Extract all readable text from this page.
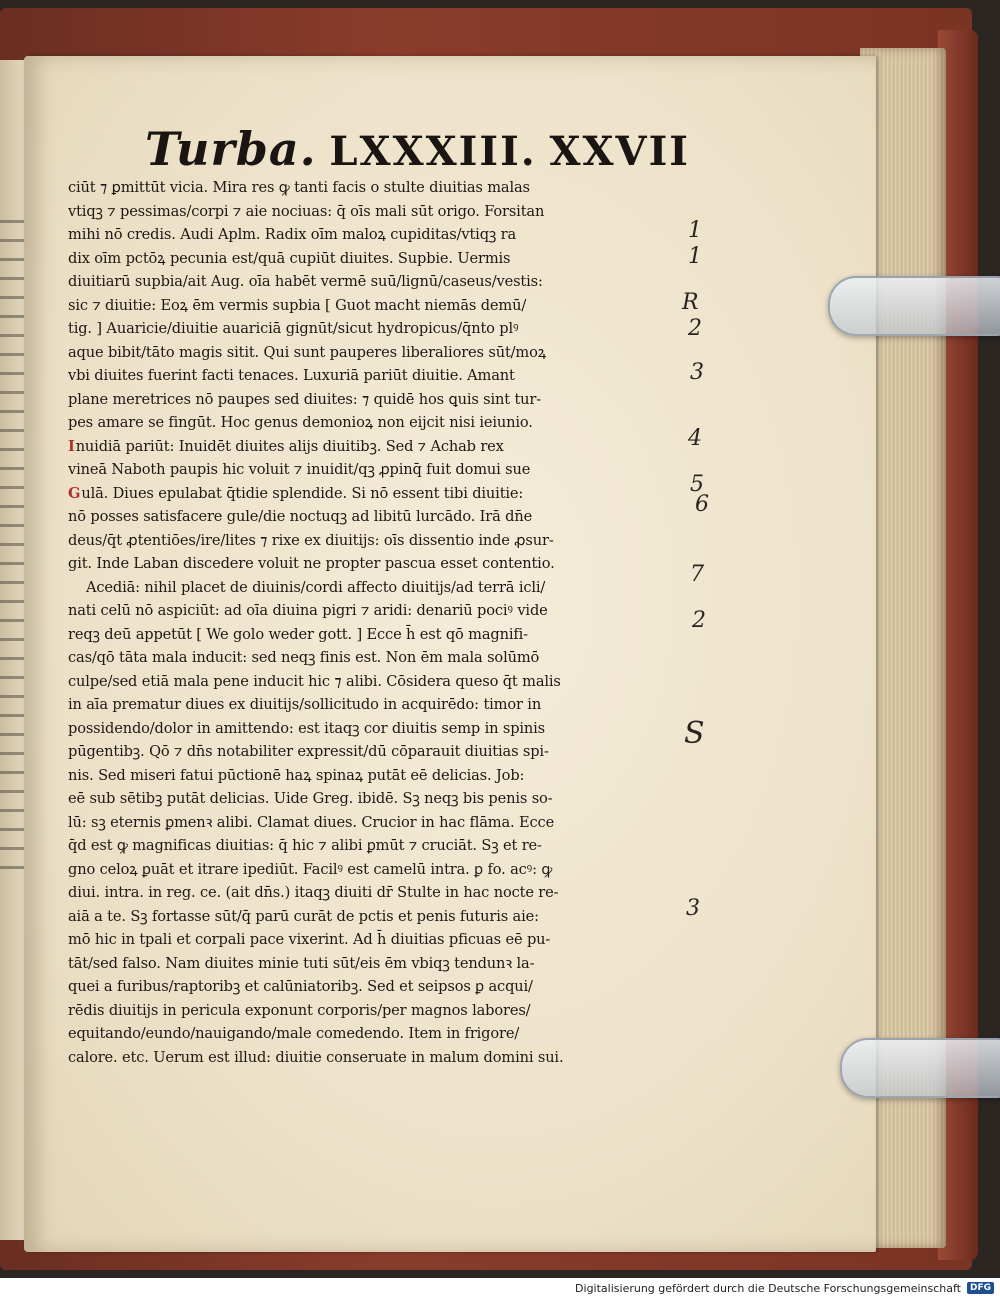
Turba. LXXXIII. XXVII
ciūt ⁊ ꝑmittūt vicia. Mira res ꝙ tanti facis o stulte diuitias malas
vtiqꝫ ⁊ pessimas/corpi ⁊ aie nociuas: q̄ oīs mali sūt origo. Forsitan
mihi nō credis. Audi Aplm. Radix oīm maloꝝ cupiditas/vtiqꝫ ra
dix oīm pctōꝝ pecunia est/quā cupiūt diuites. Supbie. Uermis
diuitiarū supbia/ait Aug. oīa habēt vermē suū/lignū/caseus/vestis:
sic ⁊ diuitie: Eoꝝ ēm vermis supbia [ Guot macht niemās demū/
tig. ] Auaricie/diuitie auariciā gignūt/sicut hydropicus/q̄nto plꝰ
aque bibit/tāto magis sitit. Qui sunt pauperes liberaliores sūt/moꝝ
vbi diuites fuerint facti tenaces. Luxuriā pariūt diuitie. Amant
plane meretrices nō paupes sed diuites: ⁊ quidē hos ꝗuis sint tur-
pes amare se fingūt. Hoc genus demonioꝝ non eijcit nisi ieiunio.
Inuidiā pariūt: Inuidēt diuites alijs diuitibꝫ. Sed ⁊ Achab rex
vineā Naboth paupis hic voluit ⁊ inuidit/qꝫ ꝓpinq̄ fuit domui sue
Gulā. Diues epulabat q̄tidie splendide. Si nō essent tibi diuitie:
nō posses satisfacere gule/die noctuqꝫ ad libitū lurcādo. Irā dn̄e
deus/q̄t ꝓtentiōes/ire/lites ⁊ rixe ex diuitijs: oīs dissentio inde ꝓsur-
git. Inde Laban discedere voluit ne propter pascua esset contentio.
Acediā: nihil placet de diuinis/cordi affecto diuitijs/ad terrā icli/
nati celū nō aspiciūt: ad oīa diuina pigri ⁊ aridi: denariū pociꝰ vide
reqꝫ deū appetūt [ We golo weder gott. ] Ecce h̄ est qō magnifi-
cas/qō tāta mala inducit: sed neqꝫ finis est. Non ēm mala solūmō
culpe/sed etiā mala pene inducit hic ⁊ alibi. Cōsidera queso q̄t malis
in aīa prematur diues ex diuitijs/sollicitudo in acquirēdo: timor in
possidendo/dolor in amittendo: est itaqꝫ cor diuitis semp in spinis
pūgentibꝫ. Qō ⁊ dn̄s notabiliter expressit/dū cōparauit diuitias spi-
nis. Sed miseri fatui pūctionē haꝝ spinaꝝ putāt eē delicias. Job:
eē sub sētibꝫ putāt delicias. Uide Greg. ibidē. Sꝫ neqꝫ bis penis so-
lū: sꝫ eternis ꝑmenꝛ alibi. Clamat diues. Crucior in hac flāma. Ecce
q̄d est ꝙ magnificas diuitias: q̄ hic ⁊ alibi ꝑmūt ⁊ cruciāt. Sꝫ et re-
gno celoꝝ ꝑuāt et itrare ipediūt. Facilꝰ est camelū intra. ꝑ fo. acꝰ: ꝙ
diui. intra. in reg. ce. (ait dn̄s.) itaqꝫ diuiti dr̄ Stulte in hac nocte re-
aiā a te. Sꝫ fortasse sūt/q̄ parū curāt de pctis et penis futuris aie:
mō hic in tpali et corpali pace vixerint. Ad h̄ diuitias pficuas eē pu-
tāt/sed falso. Nam diuites minie tuti sūt/eis ēm vbiqꝫ tendunꝛ la-
quei a furibus/raptoribꝫ et calūniatoribꝫ. Sed et seipsos ꝑ acqui/
rēdis diuitijs in pericula exponunt corporis/per magnos labores/
equitando/eundo/nauigando/male comedendo. Item in frigore/
calore. etc. Uerum est illud: diuitie conseruate in malum domini sui.
1
1
R
2
3
4
5
6
7
2
S
3
Digitalisierung gefördert durch die Deutsche Forschungsgemeinschaft	DFG
